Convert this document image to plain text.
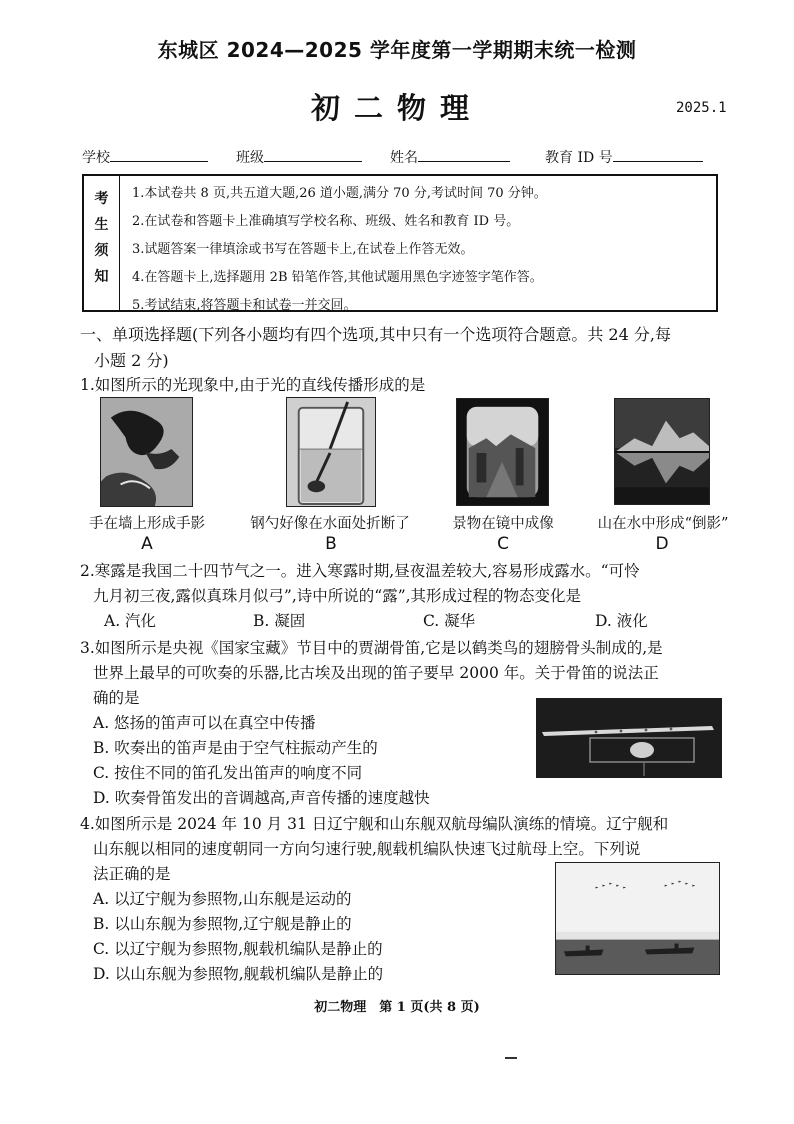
东城区 2024—2025 学年度第一学期期末统一检测
初二物理	2025.1
学校	班级	姓名	教育 ID 号
考
生
须
知
1.本试卷共 8 页,共五道大题,26 道小题,满分 70 分,考试时间 70 分钟。
2.在试卷和答题卡上准确填写学校名称、班级、姓名和教育 ID 号。
3.试题答案一律填涂或书写在答题卡上,在试卷上作答无效。
4.在答题卡上,选择题用 2B 铅笔作答,其他试题用黑色字迹签字笔作答。
5.考试结束,将答题卡和试卷一并交回。
一、单项选择题(下列各小题均有四个选项,其中只有一个选项符合题意。共 24 分,每
小题 2 分)
1.如图所示的光现象中,由于光的直线传播形成的是
手在墙上形成手影	钢勺好像在水面处折断了	景物在镜中成像	山在水中形成“倒影”
A	B	C	D
2.寒露是我国二十四节气之一。进入寒露时期,昼夜温差较大,容易形成露水。“可怜
九月初三夜,露似真珠月似弓”,诗中所说的“露”,其形成过程的物态变化是
A. 汽化	B. 凝固	C. 凝华	D. 液化
3.如图所示是央视《国家宝藏》节目中的贾湖骨笛,它是以鹤类鸟的翅膀骨头制成的,是
世界上最早的可吹奏的乐器,比古埃及出现的笛子要早 2000 年。关于骨笛的说法正
确的是
A. 悠扬的笛声可以在真空中传播
B. 吹奏出的笛声是由于空气柱振动产生的
C. 按住不同的笛孔发出笛声的响度不同
D. 吹奏骨笛发出的音调越高,声音传播的速度越快
4.如图所示是 2024 年 10 月 31 日辽宁舰和山东舰双航母编队演练的情境。辽宁舰和
山东舰以相同的速度朝同一方向匀速行驶,舰载机编队快速飞过航母上空。下列说
法正确的是
A. 以辽宁舰为参照物,山东舰是运动的
B. 以山东舰为参照物,辽宁舰是静止的
C. 以辽宁舰为参照物,舰载机编队是静止的
D. 以山东舰为参照物,舰载机编队是静止的
初二物理　第 1 页(共 8 页)
